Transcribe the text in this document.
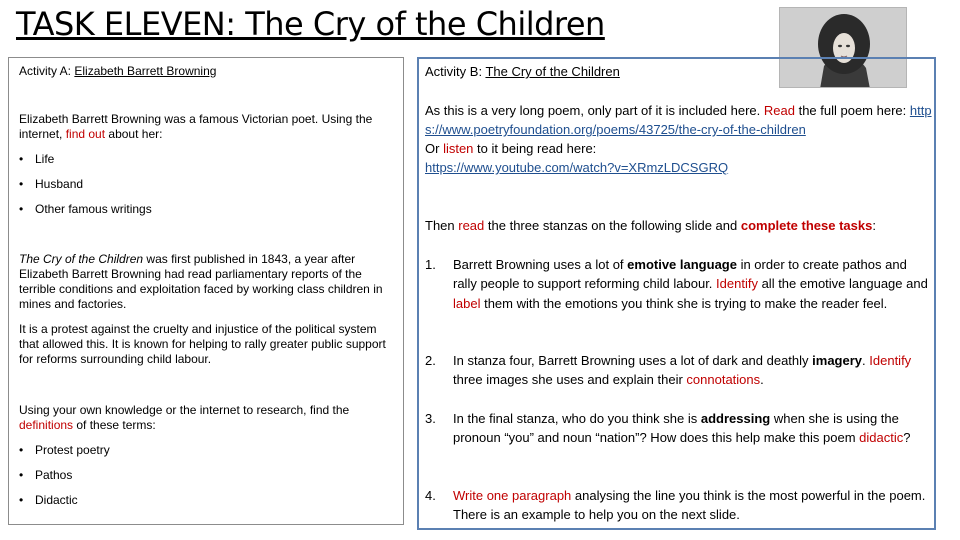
TASK ELEVEN: The Cry of the Children
Activity A: Elizabeth Barrett Browning
Elizabeth Barrett Browning was a famous Victorian poet. Using the internet, find out about her:
• Life
• Husband
• Other famous writings
The Cry of the Children was first published in 1843, a year after Elizabeth Barrett Browning had read parliamentary reports of the terrible conditions and exploitation faced by working class children in mines and factories.
It is a protest against the cruelty and injustice of the political system that allowed this. It is known for helping to rally greater public support for reforms surrounding child labour.
Using your own knowledge or the internet to research, find the definitions of these terms:
• Protest poetry
• Pathos
• Didactic
Activity B: The Cry of the Children
As this is a very long poem, only part of it is included here. Read the full poem here: https://www.poetryfoundation.org/poems/43725/the-cry-of-the-children
Or listen to it being read here:
https://www.youtube.com/watch?v=XRmzLDCSGRQ
Then read the three stanzas on the following slide and complete these tasks:
1.	Barrett Browning uses a lot of emotive language in order to create pathos and rally people to support reforming child labour. Identify all the emotive language and label them with the emotions you think she is trying to make the reader feel.
2.	In stanza four, Barrett Browning uses a lot of dark and deathly imagery. Identify three images she uses and explain their connotations.
3.	In the final stanza, who do you think she is addressing when she is using the pronoun “you” and noun “nation”? How does this help make this poem didactic?
4.	Write one paragraph analysing the line you think is the most powerful in the poem. There is an example to help you on the next slide.
